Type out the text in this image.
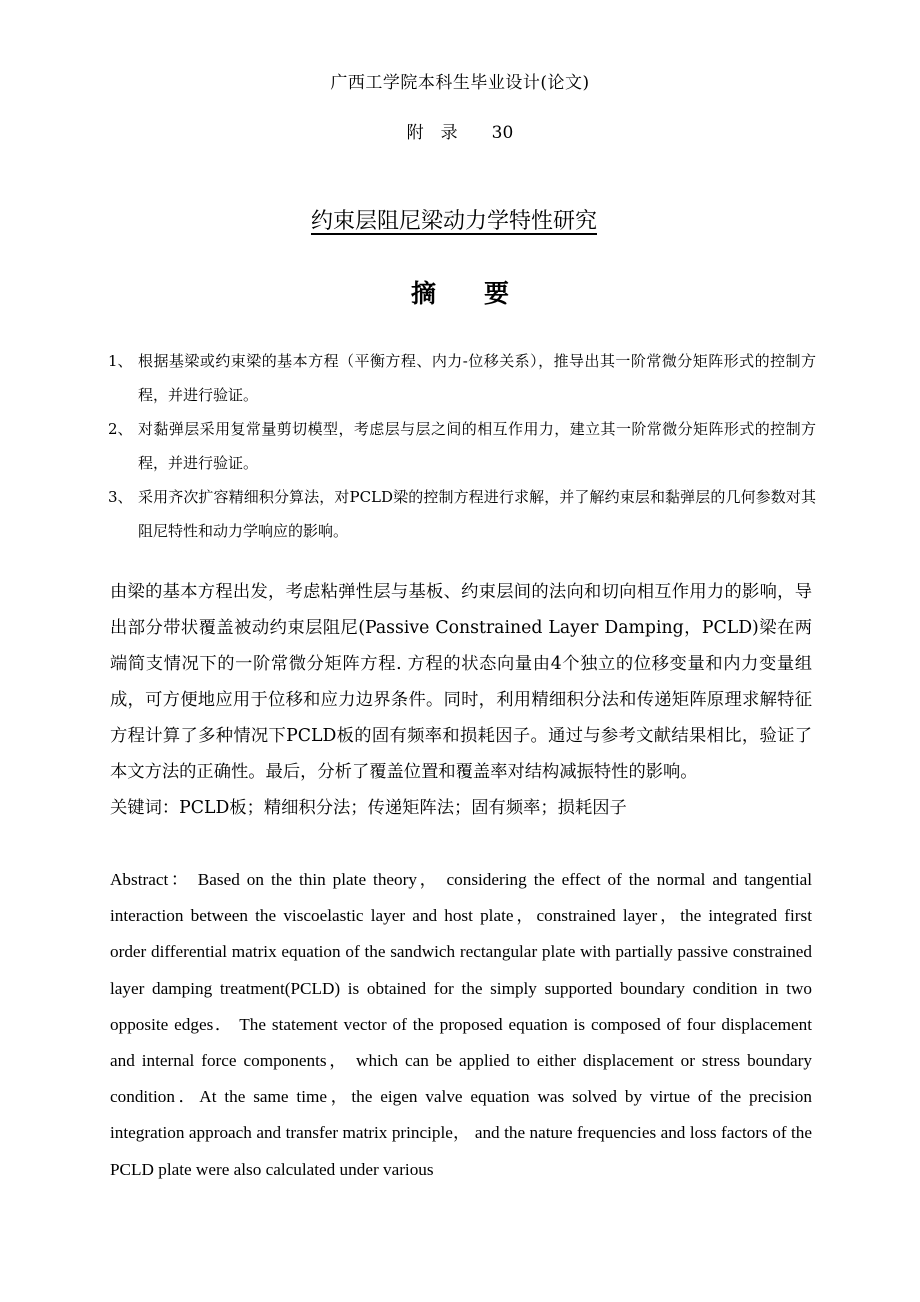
广西工学院本科生毕业设计(论文)
附　录 30
约束层阻尼梁动力学特性研究
摘 要
1、 根据基梁或约束梁的基本方程（平衡方程、内力-位移关系），推导出其一阶常微分矩阵形式的控制方程，并进行验证。
2、 对黏弹层采用复常量剪切模型，考虑层与层之间的相互作用力，建立其一阶常微分矩阵形式的控制方程，并进行验证。
3、 采用齐次扩容精细积分算法，对PCLD梁的控制方程进行求解，并了解约束层和黏弹层的几何参数对其阻尼特性和动力学响应的影响。

由梁的基本方程出发，考虑粘弹性层与基板、约束层间的法向和切向相互作用力的影响，导出部分带状覆盖被动约束层阻尼(Passive Constrained Layer Damping，PCLD)梁在两端简支情况下的一阶常微分矩阵方程. 方程的状态向量由4个独立的位移变量和内力变量组成，可方便地应用于位移和应力边界条件。同时，利用精细积分法和传递矩阵原理求解特征方程计算了多种情况下PCLD板的固有频率和损耗因子。通过与参考文献结果相比，验证了本文方法的正确性。最后，分析了覆盖位置和覆盖率对结构减振特性的影响。

关键词：PCLD板；精细积分法；传递矩阵法；固有频率；损耗因子

Abstract： Based on the thin plate theory， considering the effect of the normal and tangential interaction between the viscoelastic layer and host plate，constrained layer，the integrated first order differential matrix equation of the sandwich rectangular plate with partially passive constrained layer damping treatment(PCLD) is obtained for the simply supported boundary condition in two opposite edges． The statement vector of the proposed equation is composed of four displacement and internal force components， which can be applied to either displacement or stress boundary condition．At the same time，the eigen valve equation was solved by virtue of the precision integration approach and transfer matrix principle， and the nature frequencies and loss factors of the PCLD plate were also calculated under various
